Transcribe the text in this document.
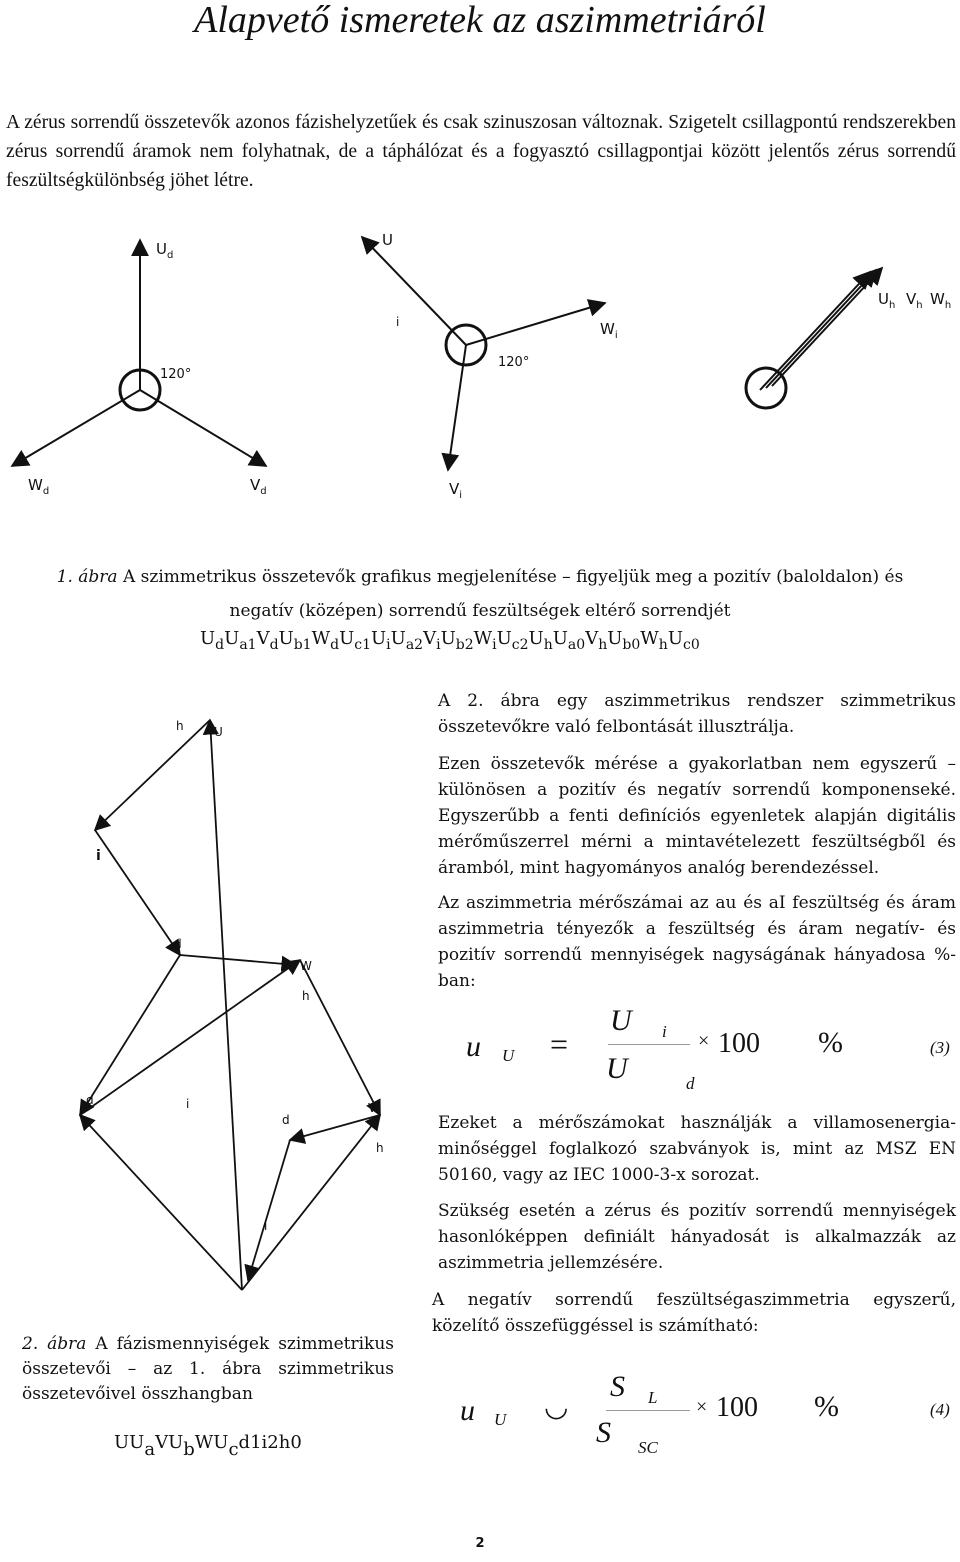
Alapvető ismeretek az aszimmetriáról

A zérus sorrendű összetevők azonos fázishelyzetűek és csak szinuszosan változnak. Szigetelt csillagpontú rendszerekben zérus sorrendű áramok nem folyhatnak, de a táphálózat és a fogyasztó csillagpontjai között jelentős zérus sorrendű feszültségkülönbség jöhet létre.

$U_d$
$W_d$	$V_d$
120°
U
i	$W_i$
$V_i$
120°
$U_h$ $V_h$ $W_h$

1. ábra A szimmetrikus összetevők grafikus megjelenítése – figyeljük meg a pozitív (baloldalon) és negatív (középen) sorrendű feszültségek eltérő sorrendjét

$U_dU_{a1}V_dU_{b1}W_dU_{c1}U_iU_{a2}V_iU_{b2}W_iU_{c2}U_hU_{a0}V_hU_{b0}W_hU_{c0}$

h	U
i
d
W
h
d	i	V
d
h
i

A 2. ábra egy aszimmetrikus rendszer szimmetrikus összetevőkre való felbontását illusztrálja.

Ezen összetevők mérése a gyakorlatban nem egyszerű – különösen a pozitív és negatív sorrendű komponenseké. Egyszerűbb a fenti definíciós egyenletek alapján digitális mérőműszerrel mérni a mintavételezett feszültségből és áramból, mint hagyományos analóg berendezéssel.

Az aszimmetria mérőszámai az au és aI feszültség és áram aszimmetria tényezők a feszültség és áram negatív- és pozitív sorrendű mennyiségek nagyságának hányadosa %-ban:

u U =
U i
U	d
× 100 %	(3)

Ezeket a mérőszámokat használják a villamosenergia-minőséggel foglalkozó szabványok is, mint az MSZ EN 50160, vagy az IEC 1000-3-x sorozat.

Szükség esetén a zérus és pozitív sorrendű mennyiségek hasonlóképpen definiált hányadosát is alkalmazzák az aszimmetria jellemzésére.

A negatív sorrendű feszültségaszimmetria egyszerű, közelítő összefüggéssel is számítható:

u U ◡
S L
S SC
× 100 %	(4)

2. ábra A fázismennyiségek szimmetrikus összetevői – az 1. ábra szimmetrikus összetevőivel összhangban

$UU_aVU_bWU_cd1i2h0$

2
